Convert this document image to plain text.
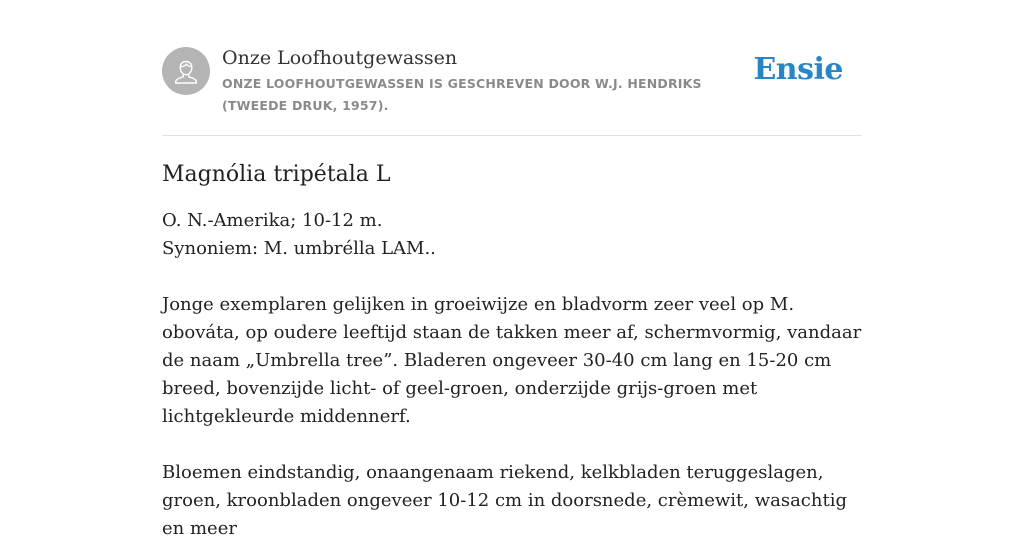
Onze Loofhoutgewassen
ONZE LOOFHOUTGEWASSEN IS GESCHREVEN DOOR W.J. HENDRIKS (TWEEDE DRUK, 1957).
Ensie
Magnólia tripétala L

O. N.-Amerika; 10-12 m.
Synoniem: M. umbrélla LAM..

Jonge exemplaren gelijken in groeiwijze en bladvorm zeer veel op M. obováta, op oudere leeftijd staan de takken meer af, schermvormig, vandaar de naam „Umbrella tree”. Bladeren ongeveer 30-40 cm lang en 15-20 cm breed, bovenzijde licht- of geel-groen, onderzijde grijs-groen met lichtgekleurde middennerf.

Bloemen eindstandig, onaangenaam riekend, kelkbladen teruggeslagen, groen, kroonbladen ongeveer 10-12 cm in doorsnede, crèmewit, wasachtig en meer
